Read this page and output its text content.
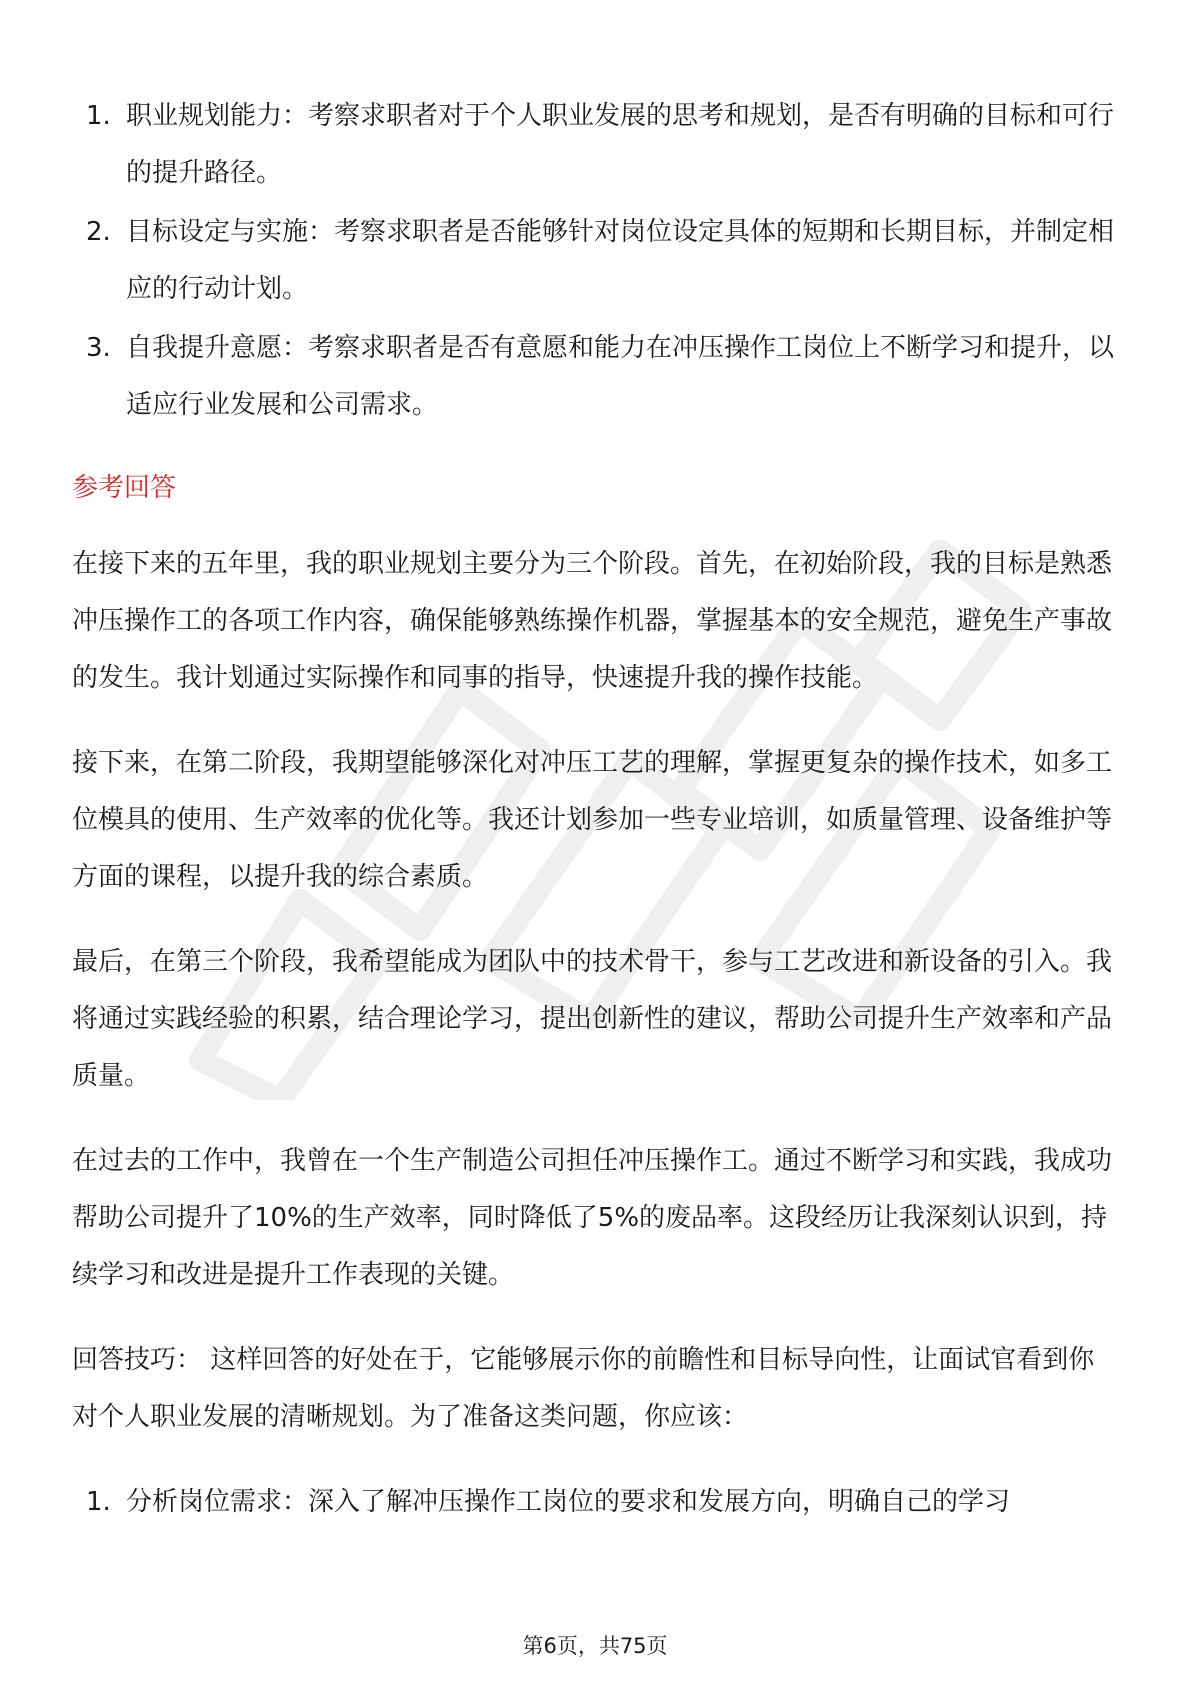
1. 职业规划能力：考察求职者对于个人职业发展的思考和规划，是否有明确的目标和可行的提升路径。
2. 目标设定与实施：考察求职者是否能够针对岗位设定具体的短期和长期目标，并制定相应的行动计划。
3. 自我提升意愿：考察求职者是否有意愿和能力在冲压操作工岗位上不断学习和提升，以适应行业发展和公司需求。
参考回答

在接下来的五年里，我的职业规划主要分为三个阶段。首先，在初始阶段，我的目标是熟悉冲压操作工的各项工作内容，确保能够熟练操作机器，掌握基本的安全规范，避免生产事故的发生。我计划通过实际操作和同事的指导，快速提升我的操作技能。

接下来，在第二阶段，我期望能够深化对冲压工艺的理解，掌握更复杂的操作技术，如多工位模具的使用、生产效率的优化等。我还计划参加一些专业培训，如质量管理、设备维护等方面的课程，以提升我的综合素质。

最后，在第三个阶段，我希望能成为团队中的技术骨干，参与工艺改进和新设备的引入。我将通过实践经验的积累，结合理论学习，提出创新性的建议，帮助公司提升生产效率和产品质量。

在过去的工作中，我曾在一个生产制造公司担任冲压操作工。通过不断学习和实践，我成功帮助公司提升了10%的生产效率，同时降低了5%的废品率。这段经历让我深刻认识到，持续学习和改进是提升工作表现的关键。

回答技巧： 这样回答的好处在于，它能够展示你的前瞻性和目标导向性，让面试官看到你对个人职业发展的清晰规划。为了准备这类问题，你应该：

1. 分析岗位需求：深入了解冲压操作工岗位的要求和发展方向，明确自己的学习
第6页，共75页
